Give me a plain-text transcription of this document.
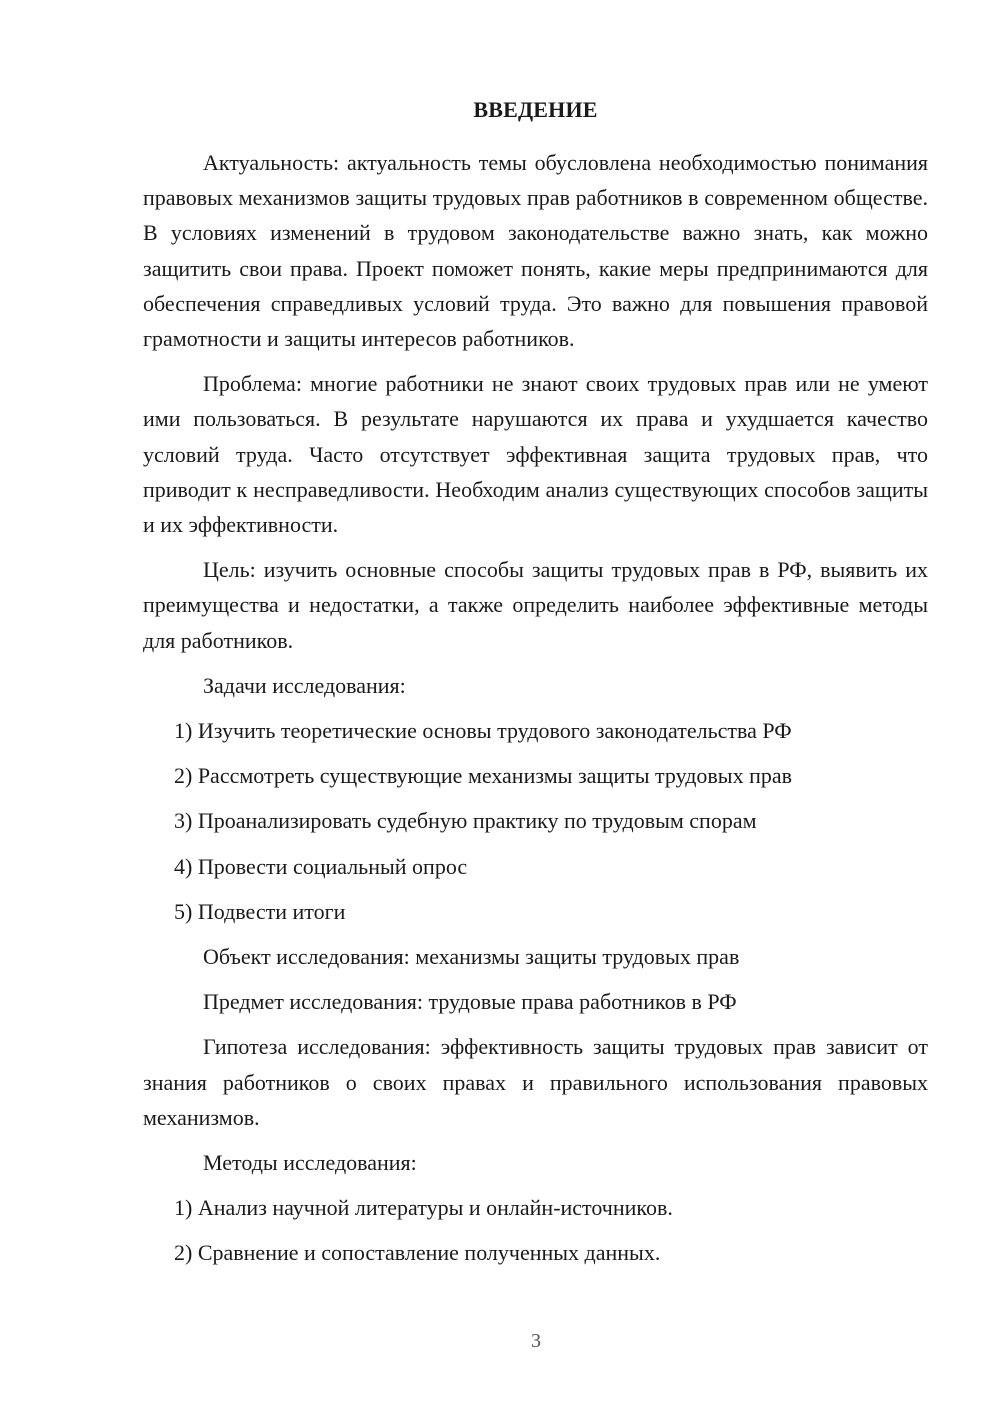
ВВЕДЕНИЕ

Актуальность: актуальность темы обусловлена необходимостью понимания правовых механизмов защиты трудовых прав работников в современном обществе. В условиях изменений в трудовом законодательстве важно знать, как можно защитить свои права. Проект поможет понять, какие меры предпринимаются для обеспечения справедливых условий труда. Это важно для повышения правовой грамотности и защиты интересов работников.

Проблема: многие работники не знают своих трудовых прав или не умеют ими пользоваться. В результате нарушаются их права и ухудшается качество условий труда. Часто отсутствует эффективная защита трудовых прав, что приводит к несправедливости. Необходим анализ существующих способов защиты и их эффективности.

Цель: изучить основные способы защиты трудовых прав в РФ, выявить их преимущества и недостатки, а также определить наиболее эффективные методы для работников.

Задачи исследования:
1) Изучить теоретические основы трудового законодательства РФ
2) Рассмотреть существующие механизмы защиты трудовых прав
3) Проанализировать судебную практику по трудовым спорам
4) Провести социальный опрос
5) Подвести итоги
Объект исследования: механизмы защиты трудовых прав
Предмет исследования: трудовые права работников в РФ

Гипотеза исследования: эффективность защиты трудовых прав зависит от знания работников о своих правах и правильного использования правовых механизмов.

Методы исследования:
1) Анализ научной литературы и онлайн-источников.
2) Сравнение и сопоставление полученных данных.
3
